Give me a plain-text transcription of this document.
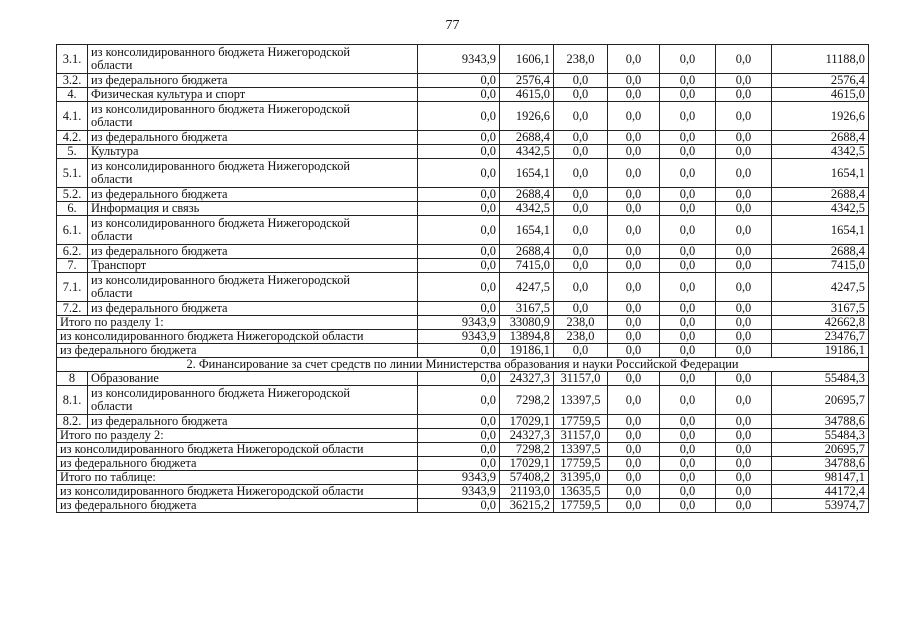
77
3.1.	из консолидированного бюджета Нижегородской области	9343,9	1606,1	238,0	0,0	0,0	0,0	11188,0
3.2.	из федерального бюджета	0,0	2576,4	0,0	0,0	0,0	0,0	2576,4
4.	Физическая культура и спорт	0,0	4615,0	0,0	0,0	0,0	0,0	4615,0
4.1.	из консолидированного бюджета Нижегородской области	0,0	1926,6	0,0	0,0	0,0	0,0	1926,6
4.2.	из федерального бюджета	0,0	2688,4	0,0	0,0	0,0	0,0	2688,4
5.	Культура	0,0	4342,5	0,0	0,0	0,0	0,0	4342,5
5.1.	из консолидированного бюджета Нижегородской области	0,0	1654,1	0,0	0,0	0,0	0,0	1654,1
5.2.	из федерального бюджета	0,0	2688,4	0,0	0,0	0,0	0,0	2688,4
6.	Информация и связь	0,0	4342,5	0,0	0,0	0,0	0,0	4342,5
6.1.	из консолидированного бюджета Нижегородской области	0,0	1654,1	0,0	0,0	0,0	0,0	1654,1
6.2.	из федерального бюджета	0,0	2688,4	0,0	0,0	0,0	0,0	2688,4
7.	Транспорт	0,0	7415,0	0,0	0,0	0,0	0,0	7415,0
7.1.	из консолидированного бюджета Нижегородской области	0,0	4247,5	0,0	0,0	0,0	0,0	4247,5
7.2.	из федерального бюджета	0,0	3167,5	0,0	0,0	0,0	0,0	3167,5
Итого по разделу 1:		9343,9	33080,9	238,0	0,0	0,0	0,0	42662,8
из консолидированного бюджета Нижегородской области		9343,9	13894,8	238,0	0,0	0,0	0,0	23476,7
из федерального бюджета		0,0	19186,1	0,0	0,0	0,0	0,0	19186,1
2. Финансирование за счет средств по линии Министерства образования и науки Российской Федерации								
8	Образование	0,0	24327,3	31157,0	0,0	0,0	0,0	55484,3
8.1.	из консолидированного бюджета Нижегородской области	0,0	7298,2	13397,5	0,0	0,0	0,0	20695,7
8.2.	из федерального бюджета	0,0	17029,1	17759,5	0,0	0,0	0,0	34788,6
Итого по разделу 2:		0,0	24327,3	31157,0	0,0	0,0	0,0	55484,3
из консолидированного бюджета Нижегородской области		0,0	7298,2	13397,5	0,0	0,0	0,0	20695,7
из федерального бюджета		0,0	17029,1	17759,5	0,0	0,0	0,0	34788,6
Итого по таблице:		9343,9	57408,2	31395,0	0,0	0,0	0,0	98147,1
из консолидированного бюджета Нижегородской области		9343,9	21193,0	13635,5	0,0	0,0	0,0	44172,4
из федерального бюджета		0,0	36215,2	17759,5	0,0	0,0	0,0	53974,7
